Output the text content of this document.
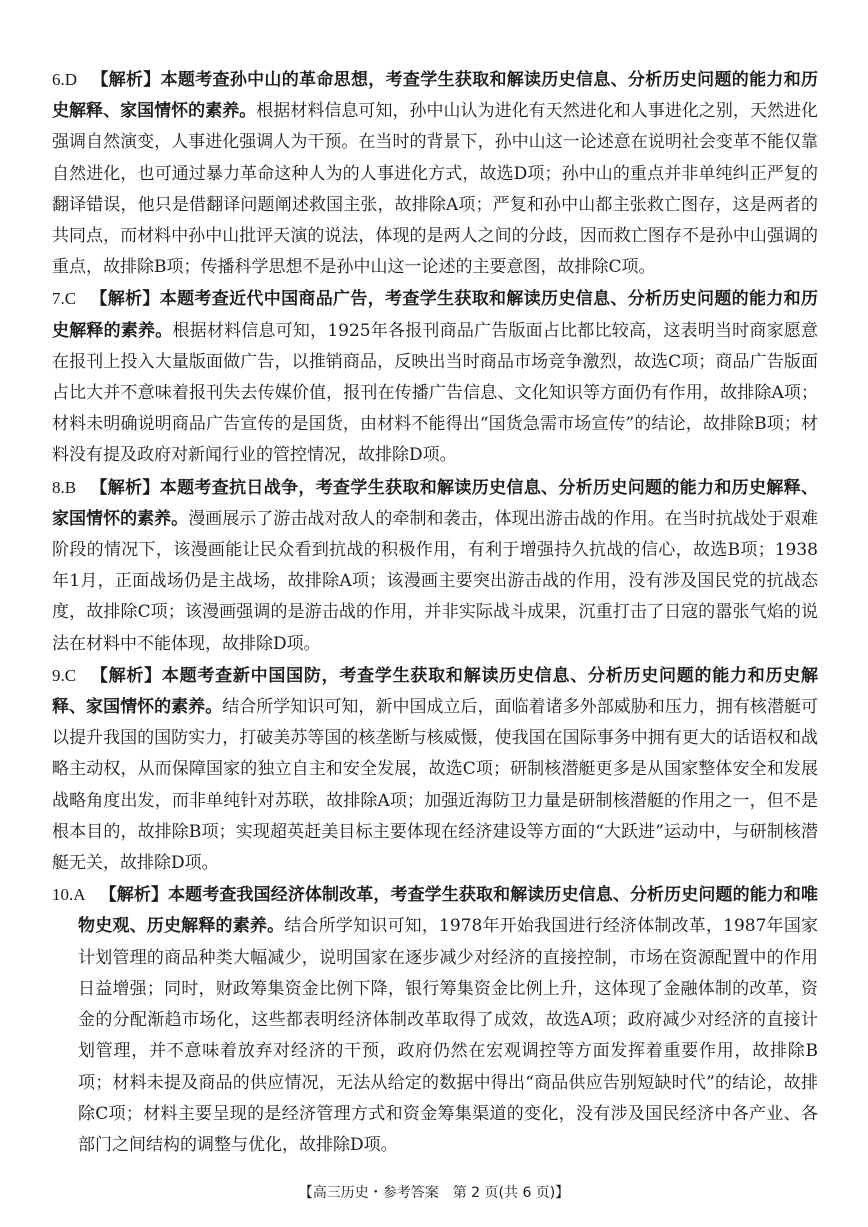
6.D 【解析】本题考查孙中山的革命思想，考查学生获取和解读历史信息、分析历史问题的能力和历史解释、家国情怀的素养。根据材料信息可知，孙中山认为进化有天然进化和人事进化之别，天然进化强调自然演变，人事进化强调人为干预。在当时的背景下，孙中山这一论述意在说明社会变革不能仅靠自然进化，也可通过暴力革命这种人为的人事进化方式，故选D项；孙中山的重点并非单纯纠正严复的翻译错误，他只是借翻译问题阐述救国主张，故排除A项；严复和孙中山都主张救亡图存，这是两者的共同点，而材料中孙中山批评天演的说法，体现的是两人之间的分歧，因而救亡图存不是孙中山强调的重点，故排除B项；传播科学思想不是孙中山这一论述的主要意图，故排除C项。

7.C 【解析】本题考查近代中国商品广告，考查学生获取和解读历史信息、分析历史问题的能力和历史解释的素养。根据材料信息可知，1925年各报刊商品广告版面占比都比较高，这表明当时商家愿意在报刊上投入大量版面做广告，以推销商品，反映出当时商品市场竞争激烈，故选C项；商品广告版面占比大并不意味着报刊失去传媒价值，报刊在传播广告信息、文化知识等方面仍有作用，故排除A项；材料未明确说明商品广告宣传的是国货，由材料不能得出“国货急需市场宣传”的结论，故排除B项；材料没有提及政府对新闻行业的管控情况，故排除D项。

8.B 【解析】本题考查抗日战争，考查学生获取和解读历史信息、分析历史问题的能力和历史解释、家国情怀的素养。漫画展示了游击战对敌人的牵制和袭击，体现出游击战的作用。在当时抗战处于艰难阶段的情况下，该漫画能让民众看到抗战的积极作用，有利于增强持久抗战的信心，故选B项；1938年1月，正面战场仍是主战场，故排除A项；该漫画主要突出游击战的作用，没有涉及国民党的抗战态度，故排除C项；该漫画强调的是游击战的作用，并非实际战斗成果，沉重打击了日寇的嚣张气焰的说法在材料中不能体现，故排除D项。

9.C 【解析】本题考查新中国国防，考查学生获取和解读历史信息、分析历史问题的能力和历史解释、家国情怀的素养。结合所学知识可知，新中国成立后，面临着诸多外部威胁和压力，拥有核潜艇可以提升我国的国防实力，打破美苏等国的核垄断与核威慑，使我国在国际事务中拥有更大的话语权和战略主动权，从而保障国家的独立自主和安全发展，故选C项；研制核潜艇更多是从国家整体安全和发展战略角度出发，而非单纯针对苏联，故排除A项；加强近海防卫力量是研制核潜艇的作用之一，但不是根本目的，故排除B项；实现超英赶美目标主要体现在经济建设等方面的“大跃进”运动中，与研制核潜艇无关，故排除D项。

10.A 【解析】本题考查我国经济体制改革，考查学生获取和解读历史信息、分析历史问题的能力和唯物史观、历史解释的素养。结合所学知识可知，1978年开始我国进行经济体制改革，1987年国家计划管理的商品种类大幅减少，说明国家在逐步减少对经济的直接控制，市场在资源配置中的作用日益增强；同时，财政筹集资金比例下降，银行筹集资金比例上升，这体现了金融体制的改革，资金的分配渐趋市场化，这些都表明经济体制改革取得了成效，故选A项；政府减少对经济的直接计划管理，并不意味着放弃对经济的干预，政府仍然在宏观调控等方面发挥着重要作用，故排除B项；材料未提及商品的供应情况，无法从给定的数据中得出“商品供应告别短缺时代”的结论，故排除C项；材料主要呈现的是经济管理方式和资金筹集渠道的变化，没有涉及国民经济中各产业、各部门之间结构的调整与优化，故排除D项。

【高三历史・参考答案　第 2 页(共 6 页)】
